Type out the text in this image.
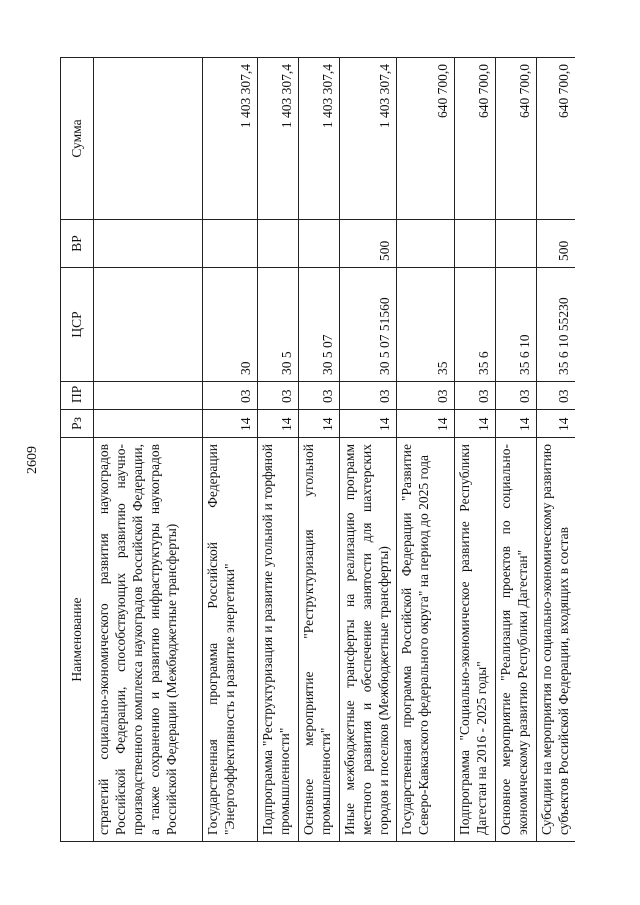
2609
Наименование	Рз	ПР	ЦСР	ВР	Сумма
стратегий социально-экономического развития наукоградов Российской Федерации, способствующих развитию научно-производственного комплекса наукоградов Российской Федерации, а также сохранению и развитию инфраструктуры наукоградов Российской Федерации (Межбюджетные трансферты)					
Государственная программа Российской Федерации "Энергоэффективность и развитие энергетики"	14	03	30		1 403 307,4
Подпрограмма "Реструктуризация и развитие угольной и торфяной промышленности"	14	03	30 5		1 403 307,4
Основное мероприятие "Реструктуризация угольной промышленности"	14	03	30 5 07		1 403 307,4
Иные межбюджетные трансферты на реализацию программ местного развития и обеспечение занятости для шахтерских городов и поселков (Межбюджетные трансферты)	14	03	30 5 07 51560	500	1 403 307,4
Государственная программа Российской Федерации "Развитие Северо-Кавказского федерального округа" на период до 2025 года	14	03	35		640 700,0
Подпрограмма "Социально-экономическое развитие Республики Дагестан на 2016 - 2025 годы"	14	03	35 6		640 700,0
Основное мероприятие "Реализация проектов по социально-экономическому развитию Республики Дагестан"	14	03	35 6 10		640 700,0
Субсидии на мероприятия по социально-экономическому развитию субъектов Российской Федерации, входящих в состав	14	03	35 6 10 55230	500	640 700,0
